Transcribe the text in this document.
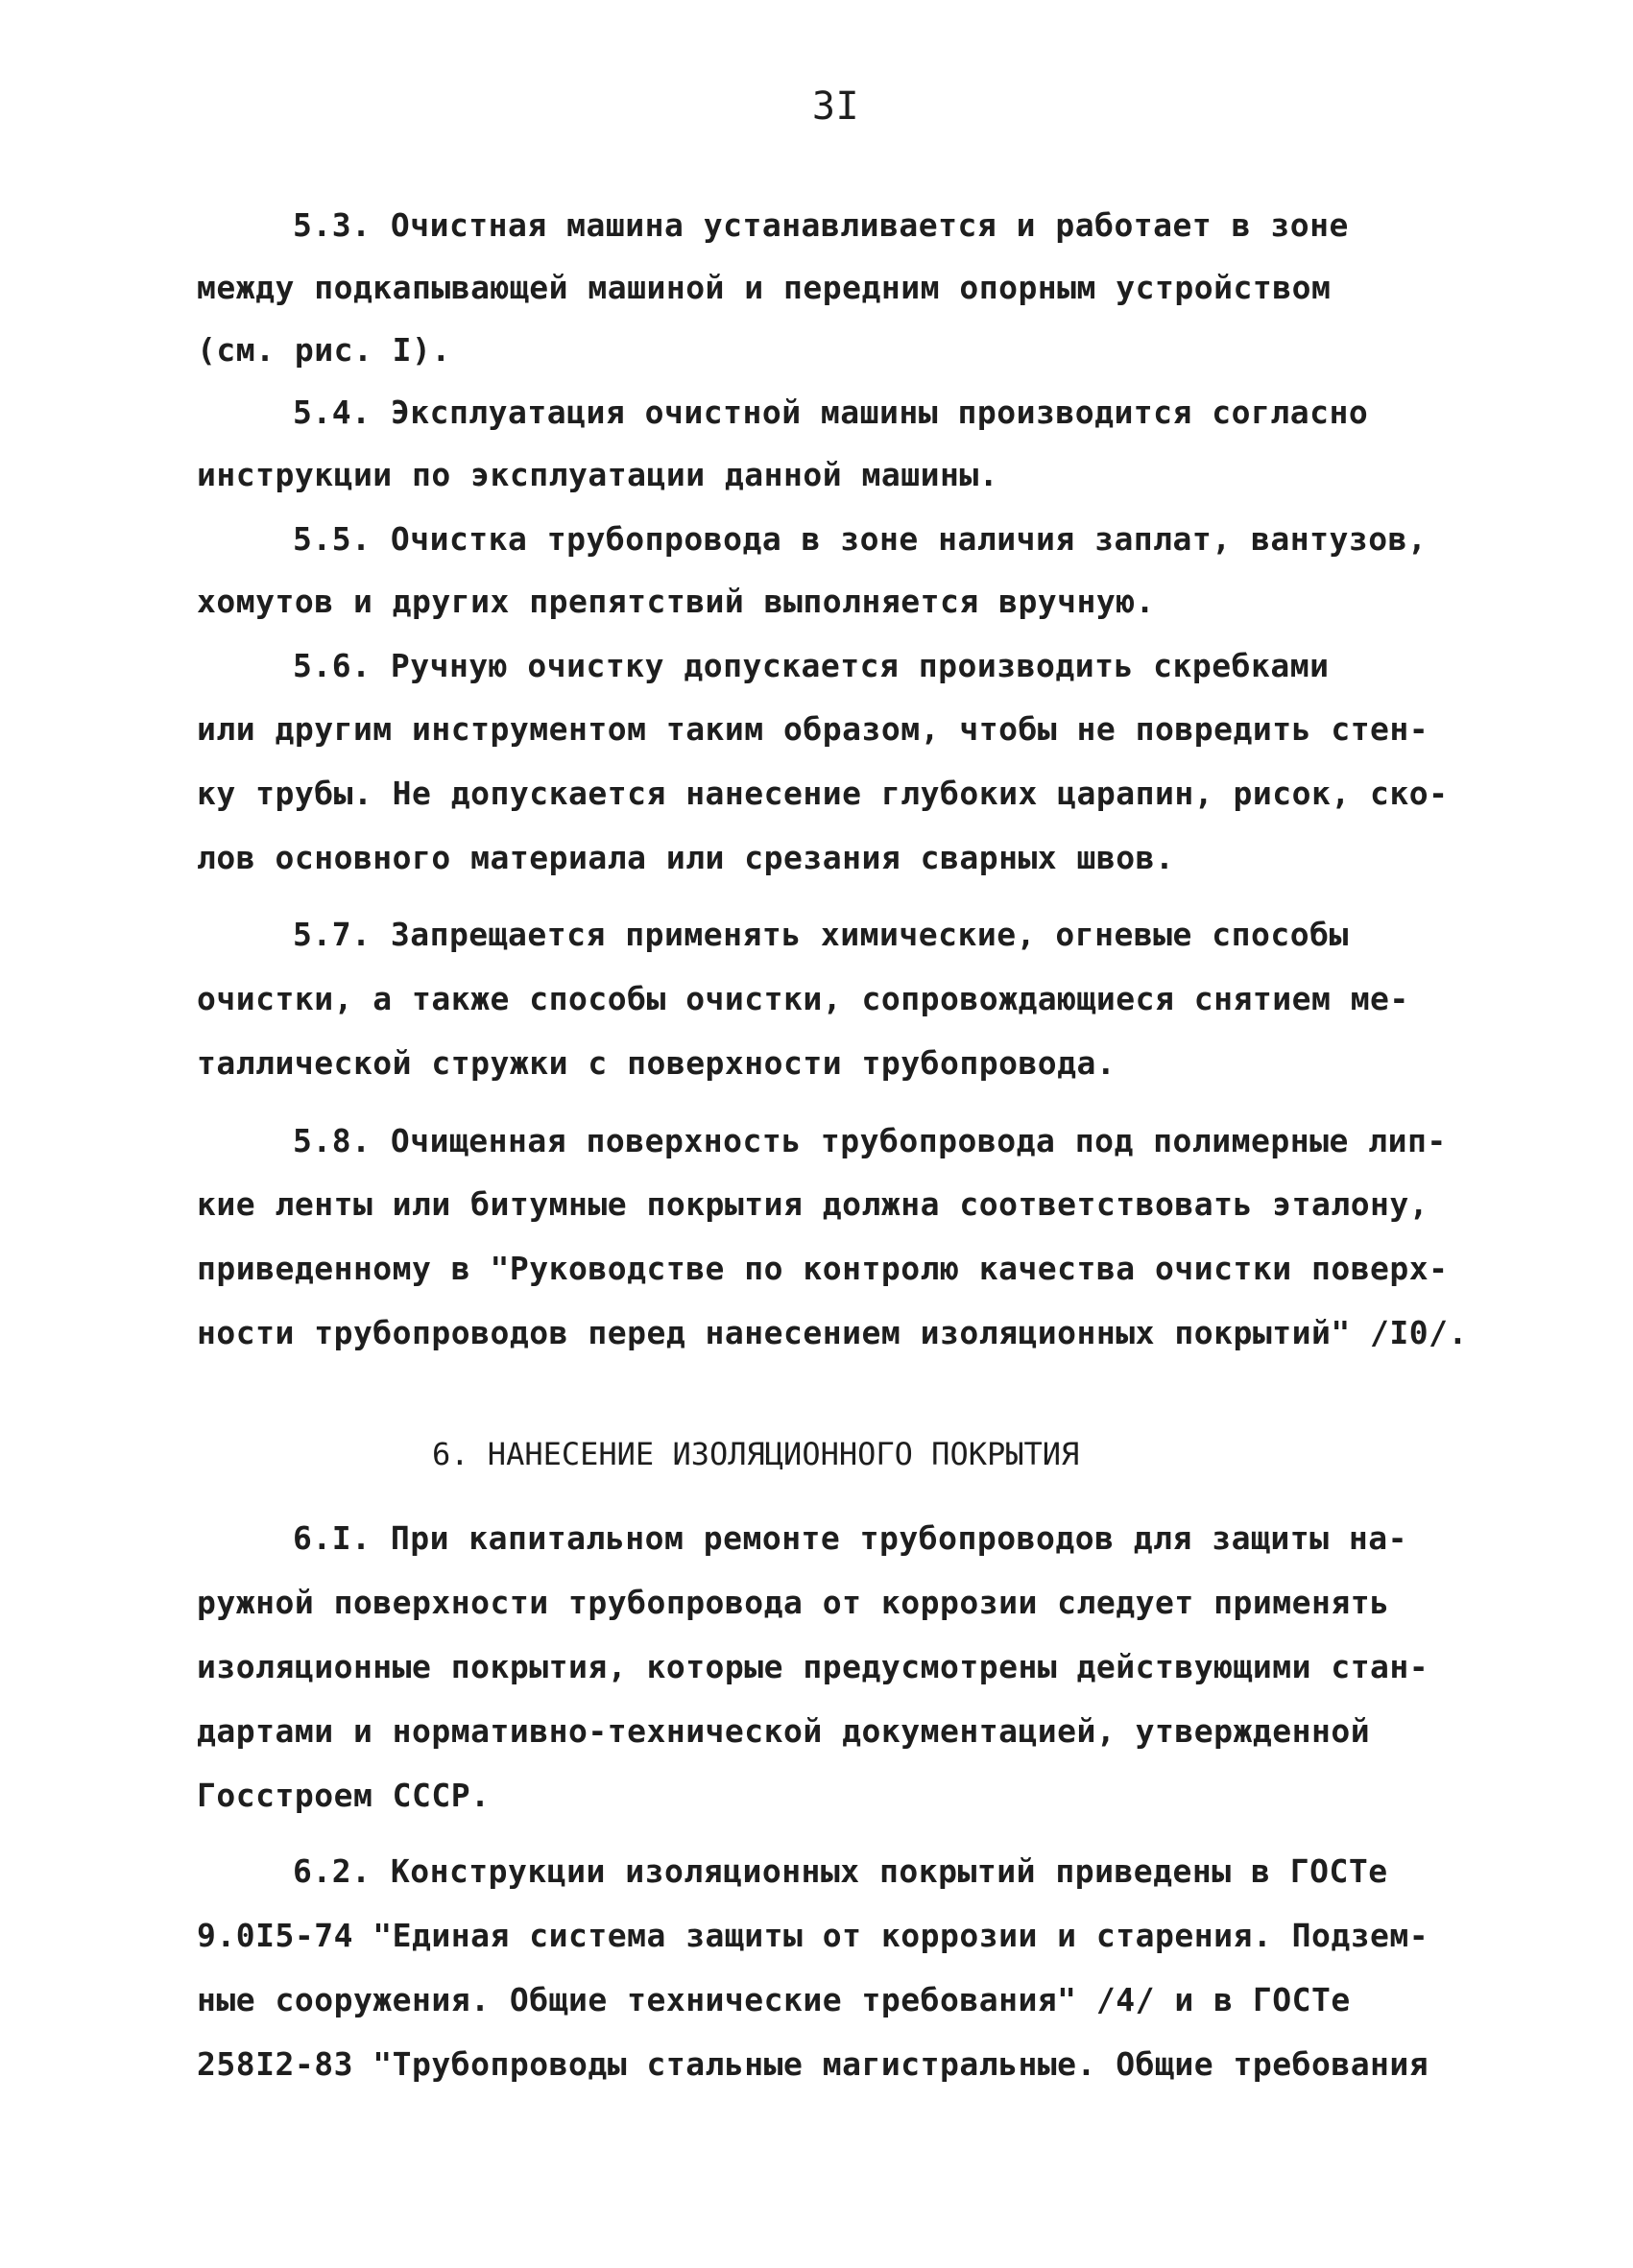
3I
5.3. Очистная машина устанавливается и работает в зоне
между подкапывающей машиной и передним опорным устройством
(см. рис. I).
5.4. Эксплуатация очистной машины производится согласно
инструкции по эксплуатации данной машины.
5.5. Очистка трубопровода в зоне наличия заплат, вантузов,
хомутов и других препятствий выполняется вручную.
5.6. Ручную очистку допускается производить скребками
или другим инструментом таким образом, чтобы не повредить стен-
ку трубы. Не допускается нанесение глубоких царапин, рисок, ско-
лов основного материала или срезания сварных швов.
5.7. Запрещается применять химические, огневые способы
очистки, а также способы очистки, сопровождающиеся снятием ме-
таллической стружки с поверхности трубопровода.
5.8. Очищенная поверхность трубопровода под полимерные лип-
кие ленты или битумные покрытия должна соответствовать эталону,
приведенному в "Руководстве по контролю качества очистки поверх-
ности трубопроводов перед нанесением изоляционных покрытий" /I0/.
6. НАНЕСЕНИЕ ИЗОЛЯЦИОННОГО ПОКРЫТИЯ
6.I. При капитальном ремонте трубопроводов для защиты на-
ружной поверхности трубопровода от коррозии следует применять
изоляционные покрытия, которые предусмотрены действующими стан-
дартами и нормативно-технической документацией, утвержденной
Госстроем СССР.
6.2. Конструкции изоляционных покрытий приведены в ГОСТе
9.0I5-74 "Единая система защиты от коррозии и старения. Подзем-
ные сооружения. Общие технические требования" /4/ и в ГОСТе
258I2-83 "Трубопроводы стальные магистральные. Общие требования
